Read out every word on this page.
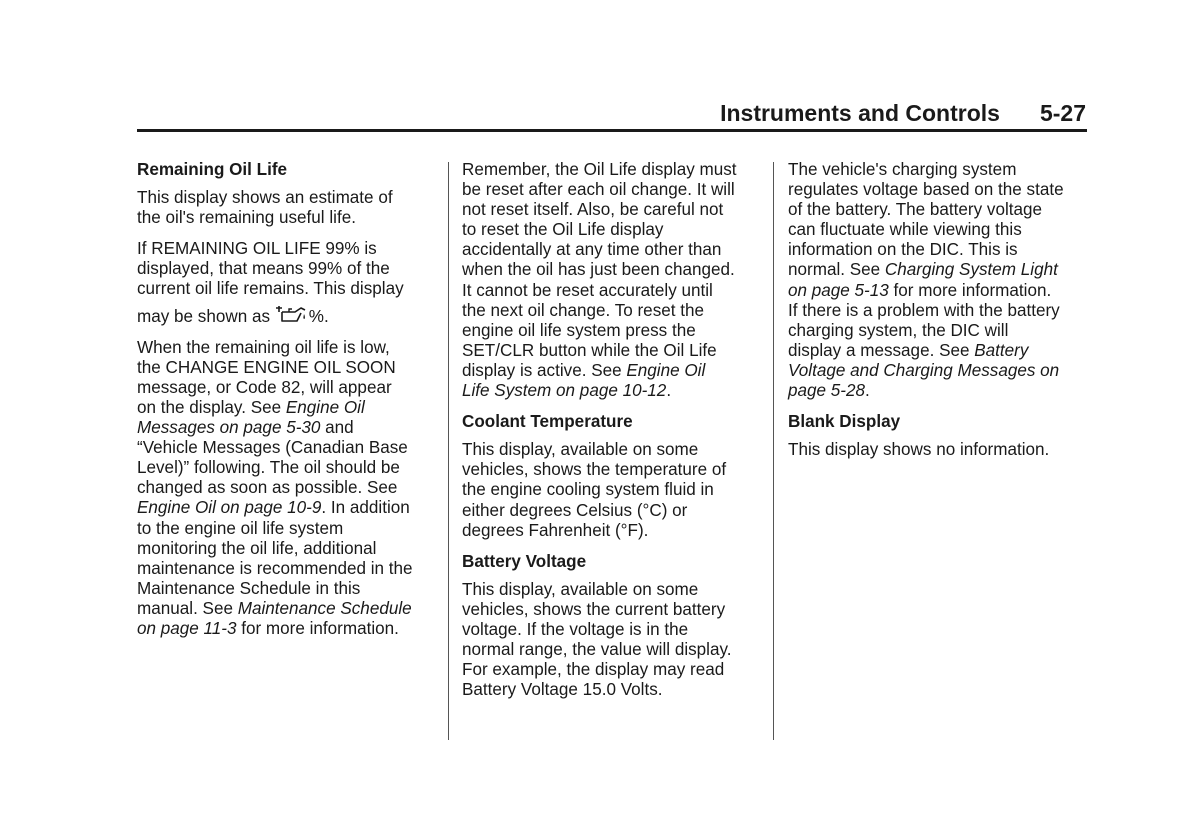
Instruments and Controls 5-27
Remaining Oil Life

This display shows an estimate of
the oil's remaining useful life.

If REMAINING OIL LIFE 99% is
displayed, that means 99% of the
current oil life remains. This display
may be shown as %.

When the remaining oil life is low,
the CHANGE ENGINE OIL SOON
message, or Code 82, will appear
on the display. See Engine Oil
Messages on page 5-30 and
“Vehicle Messages (Canadian Base
Level)” following. The oil should be
changed as soon as possible. See
Engine Oil on page 10-9. In addition
to the engine oil life system
monitoring the oil life, additional
maintenance is recommended in the
Maintenance Schedule in this
manual. See Maintenance Schedule
on page 11-3 for more information.

Remember, the Oil Life display must
be reset after each oil change. It will
not reset itself. Also, be careful not
to reset the Oil Life display
accidentally at any time other than
when the oil has just been changed.
It cannot be reset accurately until
the next oil change. To reset the
engine oil life system press the
SET/CLR button while the Oil Life
display is active. See Engine Oil
Life System on page 10-12.

Coolant Temperature

This display, available on some
vehicles, shows the temperature of
the engine cooling system fluid in
either degrees Celsius (°C) or
degrees Fahrenheit (°F).

Battery Voltage

This display, available on some
vehicles, shows the current battery
voltage. If the voltage is in the
normal range, the value will display.
For example, the display may read
Battery Voltage 15.0 Volts.

The vehicle's charging system
regulates voltage based on the state
of the battery. The battery voltage
can fluctuate while viewing this
information on the DIC. This is
normal. See Charging System Light
on page 5-13 for more information.
If there is a problem with the battery
charging system, the DIC will
display a message. See Battery
Voltage and Charging Messages on
page 5-28.

Blank Display

This display shows no information.
